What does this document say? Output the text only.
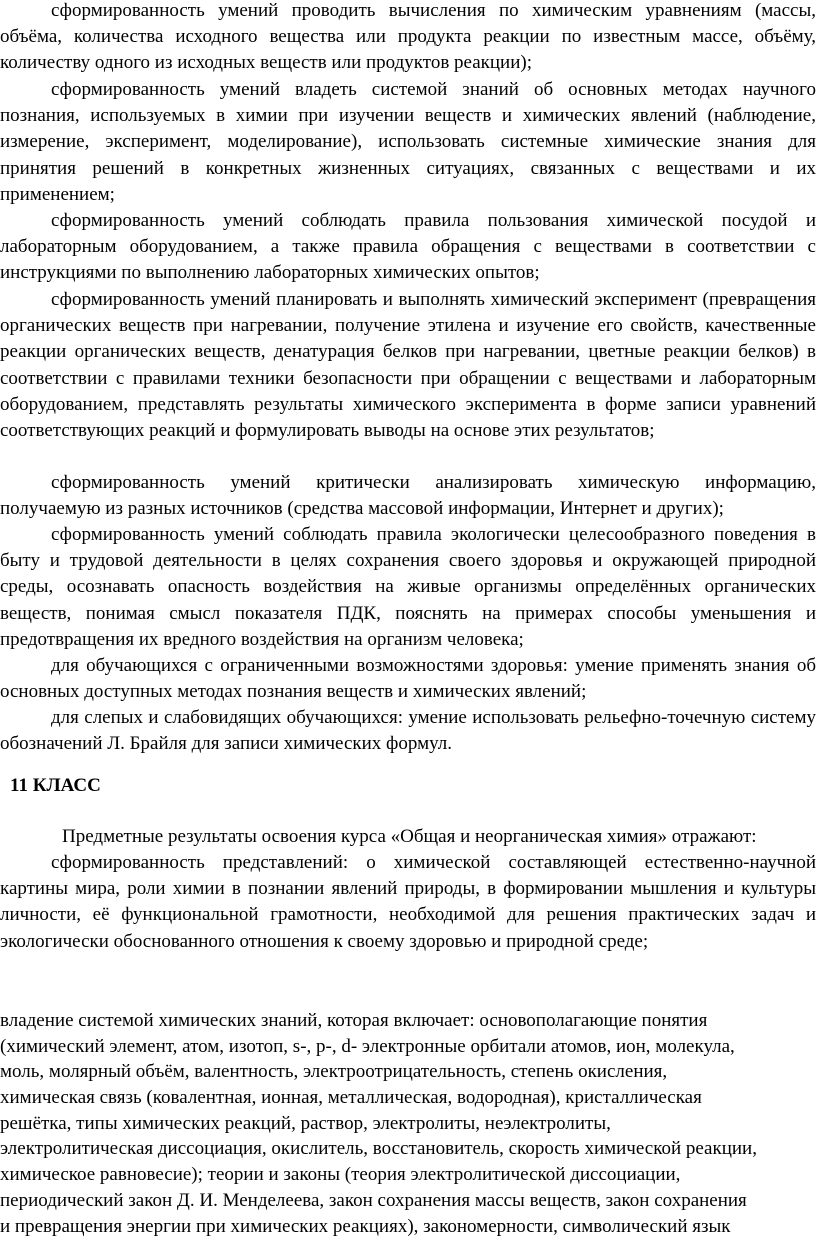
сформированность умений проводить вычисления по химическим уравнениям (массы, объёма, количества исходного вещества или продукта реакции по известным массе, объёму, количеству одного из исходных веществ или продуктов реакции);

сформированность умений владеть системой знаний об основных методах научного познания, используемых в химии при изучении веществ и химических явлений (наблюдение, измерение, эксперимент, моделирование), использовать системные химические знания для принятия решений в конкретных жизненных ситуациях, связанных с веществами и их применением;

сформированность умений соблюдать правила пользования химической посудой и лабораторным оборудованием, а также правила обращения с веществами в соответствии с инструкциями по выполнению лабораторных химических опытов;

сформированность умений планировать и выполнять химический эксперимент (превращения органических веществ при нагревании, получение этилена и изучение его свойств, качественные реакции органических веществ, денатурация белков при нагревании, цветные реакции белков) в соответствии с правилами техники безопасности при обращении с веществами и лабораторным оборудованием, представлять результаты химического эксперимента в форме записи уравнений соответствующих реакций и формулировать выводы на основе этих результатов;

сформированность умений критически анализировать химическую информацию, получаемую из разных источников (средства массовой информации, Интернет и других);

сформированность умений соблюдать правила экологически целесообразного поведения в быту и трудовой деятельности в целях сохранения своего здоровья и окружающей природной среды, осознавать опасность воздействия на живые организмы определённых органических веществ, понимая смысл показателя ПДК, пояснять на примерах способы уменьшения и предотвращения их вредного воздействия на организм человека;

для обучающихся с ограниченными возможностями здоровья: умение применять знания об основных доступных методах познания веществ и химических явлений;

для слепых и слабовидящих обучающихся: умение использовать рельефно-точечную систему обозначений Л. Брайля для записи химических формул.

11 КЛАСС
Предметные результаты освоения курса «Общая и неорганическая химия» отражают:

сформированность представлений: о химической составляющей естественно-научной картины мира, роли химии в познании явлений природы, в формировании мышления и культуры личности, её функциональной грамотности, необходимой для решения практических задач и экологически обоснованного отношения к своему здоровью и природной среде;

владение системой химических знаний, которая включает: основополагающие понятия
(химический элемент, атом, изотоп, s-, p-, d- электронные орбитали атомов, ион, молекула,
моль, молярный объём, валентность, электроотрицательность, степень окисления,
химическая связь (ковалентная, ионная, металлическая, водородная), кристаллическая
решётка, типы химических реакций, раствор, электролиты, неэлектролиты,
электролитическая диссоциация, окислитель, восстановитель, скорость химической реакции,
химическое равновесие); теории и законы (теория электролитической диссоциации,
периодический закон Д. И. Менделеева, закон сохранения массы веществ, закон сохранения
и превращения энергии при химических реакциях), закономерности, символический язык
